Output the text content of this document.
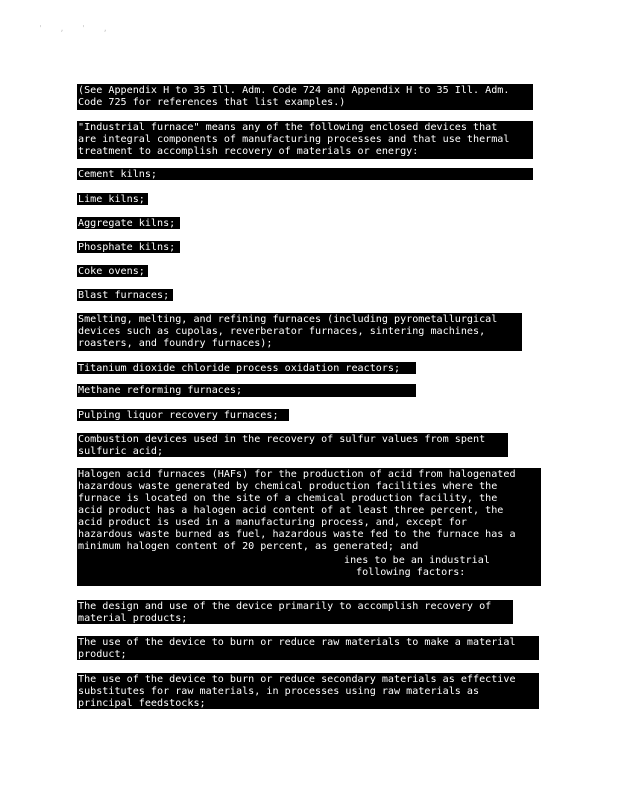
' , ' ,
(See Appendix H to 35 Ill. Adm. Code 724 and Appendix H to 35 Ill. Adm.
Code 725 for references that list examples.)
"Industrial furnace" means any of the following enclosed devices that
are integral components of manufacturing processes and that use thermal
treatment to accomplish recovery of materials or energy:
Cement kilns;
Lime kilns;
Aggregate kilns;
Phosphate kilns;
Coke ovens;
Blast furnaces;
Smelting, melting, and refining furnaces (including pyrometallurgical
devices such as cupolas, reverberator furnaces, sintering machines,
roasters, and foundry furnaces);
Titanium dioxide chloride process oxidation reactors;
Methane reforming furnaces;
Pulping liquor recovery furnaces;
Combustion devices used in the recovery of sulfur values from spent
sulfuric acid;
Halogen acid furnaces (HAFs) for the production of acid from halogenated
hazardous waste generated by chemical production facilities where the
furnace is located on the site of a chemical production facility, the
acid product has a halogen acid content of at least three percent, the
acid product is used in a manufacturing process, and, except for
hazardous waste burned as fuel, hazardous waste fed to the furnace has a
minimum halogen content of 20 percent, as generated; and
ines to be an industrial
following factors:
The design and use of the device primarily to accomplish recovery of
material products;
The use of the device to burn or reduce raw materials to make a material
product;
The use of the device to burn or reduce secondary materials as effective
substitutes for raw materials, in processes using raw materials as
principal feedstocks;
